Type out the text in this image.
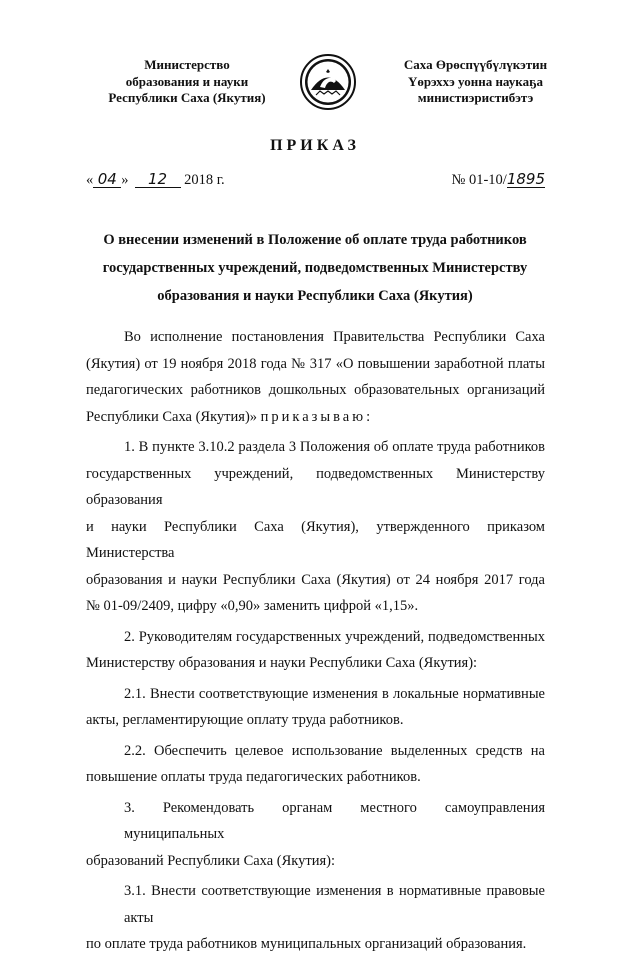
Министерство
образования и науки
Республики Саха (Якутия)
Саха Өрөспүүбүлүкэтин
Үөрэхxэ уонна наукаҕа
министиэристибэтэ
ПРИКАЗ
« 04 » 12 2018 г.	№ 01-10/1895
О внесении изменений в Положение об оплате труда работников
государственных учреждений, подведомственных Министерству
образования и науки Республики Саха (Якутия)
Во исполнение постановления Правительства Республики Саха
(Якутия) от 19 ноября 2018 года № 317 «О повышении заработной платы
педагогических работников дошкольных образовательных организаций
Республики Саха (Якутия)» приказываю:
1. В пункте 3.10.2 раздела 3 Положения об оплате труда работников
государственных учреждений, подведомственных Министерству образования
и науки Республики Саха (Якутия), утвержденного приказом Министерства
образования и науки Республики Саха (Якутия) от 24 ноября 2017 года
№ 01-09/2409, цифру «0,90» заменить цифрой «1,15».
2. Руководителям государственных учреждений, подведомственных
Министерству образования и науки Республики Саха (Якутия):
2.1. Внести соответствующие изменения в локальные нормативные
акты, регламентирующие оплату труда работников.
2.2. Обеспечить целевое использование выделенных средств на
повышение оплаты труда педагогических работников.
3. Рекомендовать органам местного самоуправления муниципальных
образований Республики Саха (Якутия):
3.1. Внести соответствующие изменения в нормативные правовые акты
по оплате труда работников муниципальных организаций образования.
